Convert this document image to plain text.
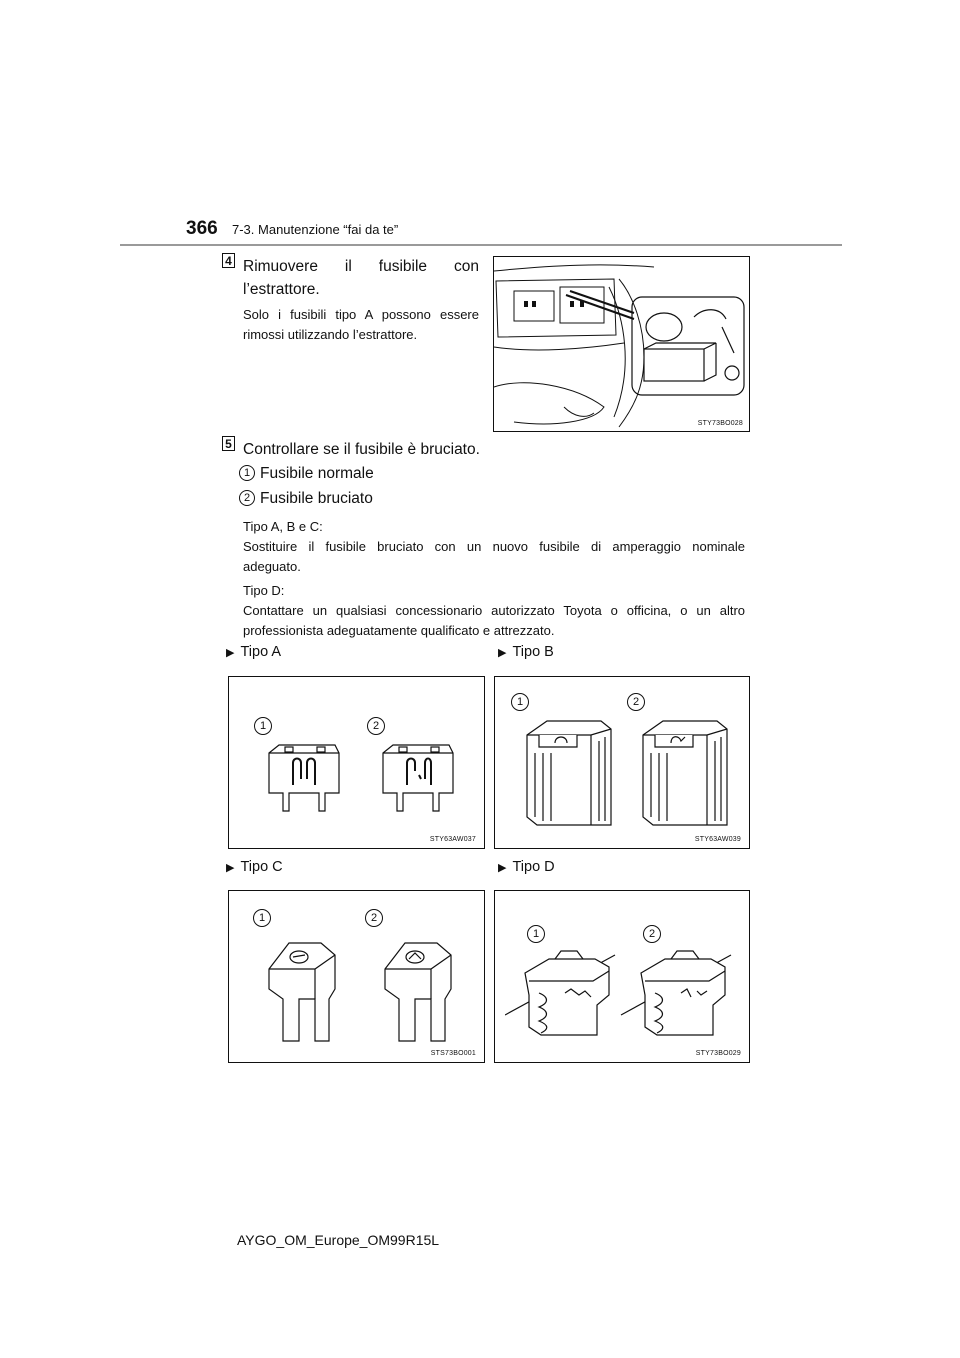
366 7-3. Manutenzione “fai da te”
4 Rimuovere il fusibile con
l’estrattore.
Solo i fusibili tipo A possono essere
rimossi utilizzando l’estrattore.
STY73BO028
5 Controllare se il fusibile è bruciato.
1 Fusibile normale
2 Fusibile bruciato
Tipo A, B e C:
Sostituire il fusibile bruciato con un nuovo fusibile di amperaggio nominale
adeguato.
Tipo D:
Contattare un qualsiasi concessionario autorizzato Toyota o officina, o un altro
professionista adeguatamente qualificato e attrezzato.
▶ Tipo A	▶ Tipo B
▶ Tipo C	▶ Tipo D
1	2
STY63AW037
1	2
STY63AW039
1	2
STS73BO001
1	2
STY73BO029
AYGO_OM_Europe_OM99R15L
